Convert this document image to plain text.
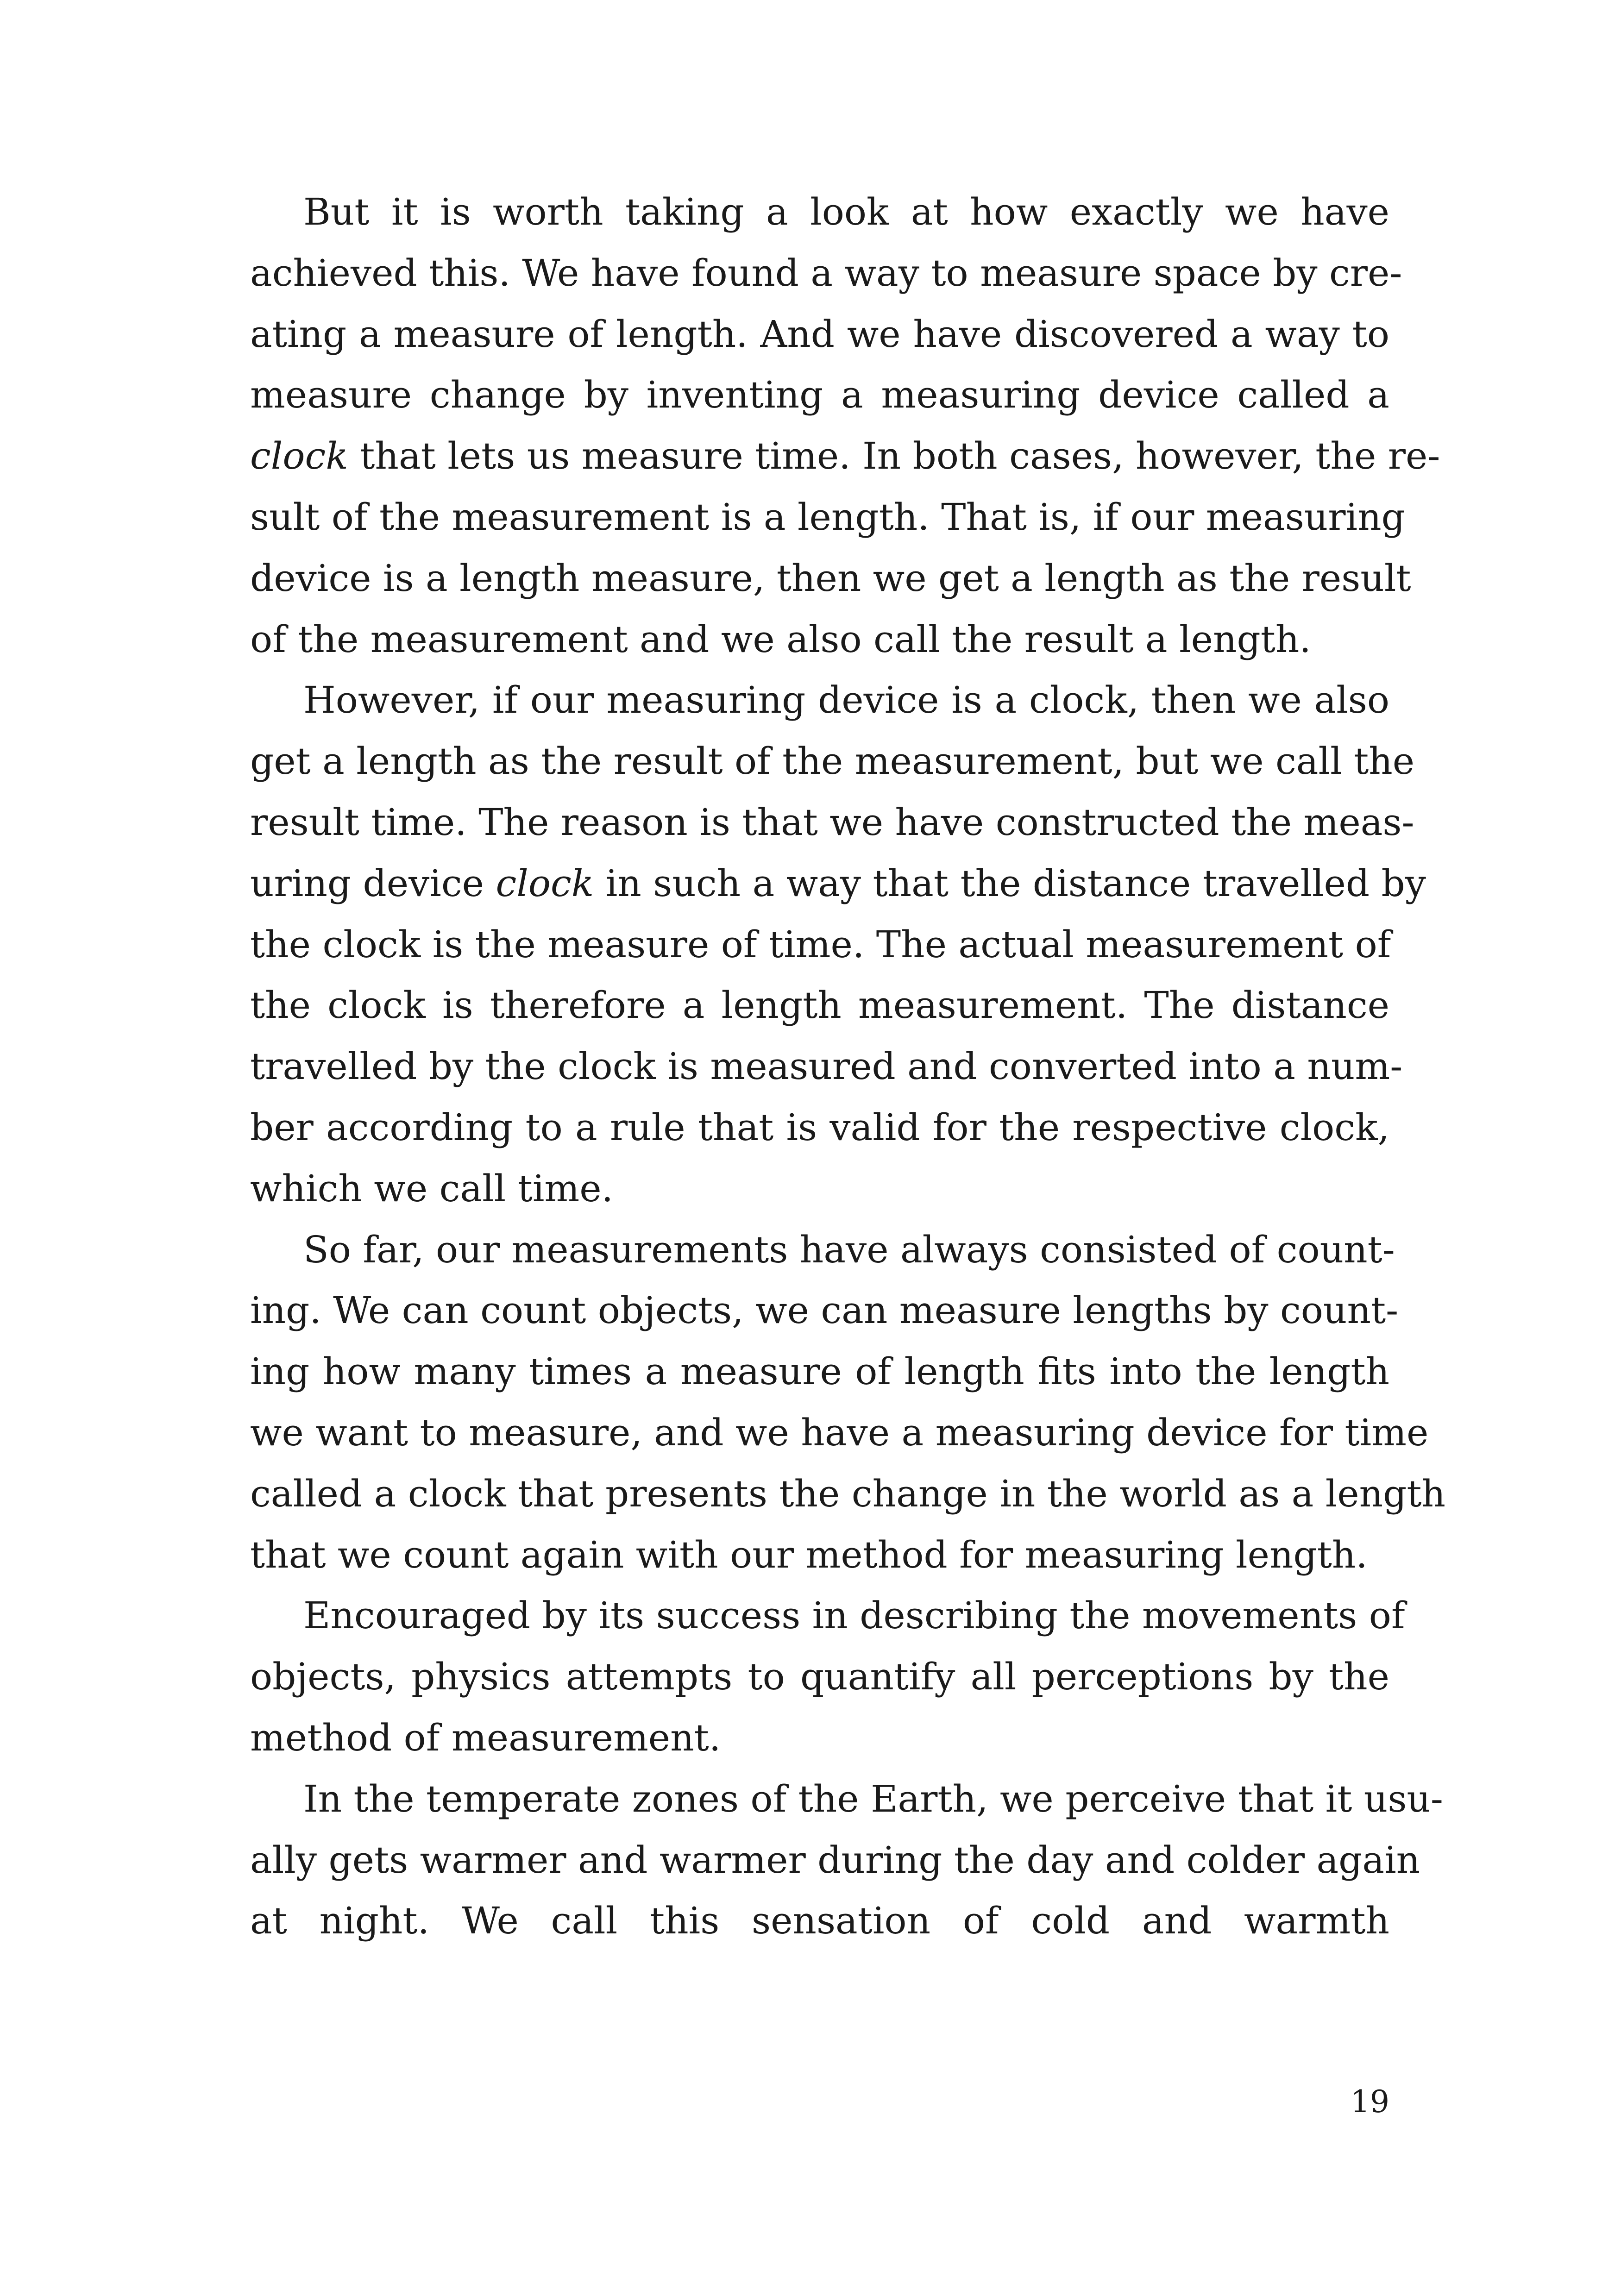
But it is worth taking a look at how exactly we have
achieved this. We have found a way to measure space by cre-
ating a measure of length. And we have discovered a way to
measure change by inventing a measuring device called a
clock that lets us measure time. In both cases, however, the re-
sult of the measurement is a length. That is, if our measuring
device is a length measure, then we get a length as the result
of the measurement and we also call the result a length.
However, if our measuring device is a clock, then we also
get a length as the result of the measurement, but we call the
result time. The reason is that we have constructed the meas-
uring device clock in such a way that the distance travelled by
the clock is the measure of time. The actual measurement of
the clock is therefore a length measurement. The distance
travelled by the clock is measured and converted into a num-
ber according to a rule that is valid for the respective clock,
which we call time.
So far, our measurements have always consisted of count-
ing. We can count objects, we can measure lengths by count-
ing how many times a measure of length fits into the length
we want to measure, and we have a measuring device for time
called a clock that presents the change in the world as a length
that we count again with our method for measuring length.
Encouraged by its success in describing the movements of
objects, physics attempts to quantify all perceptions by the
method of measurement.
In the temperate zones of the Earth, we perceive that it usu-
ally gets warmer and warmer during the day and colder again
at night. We call this sensation of cold and warmth
19
